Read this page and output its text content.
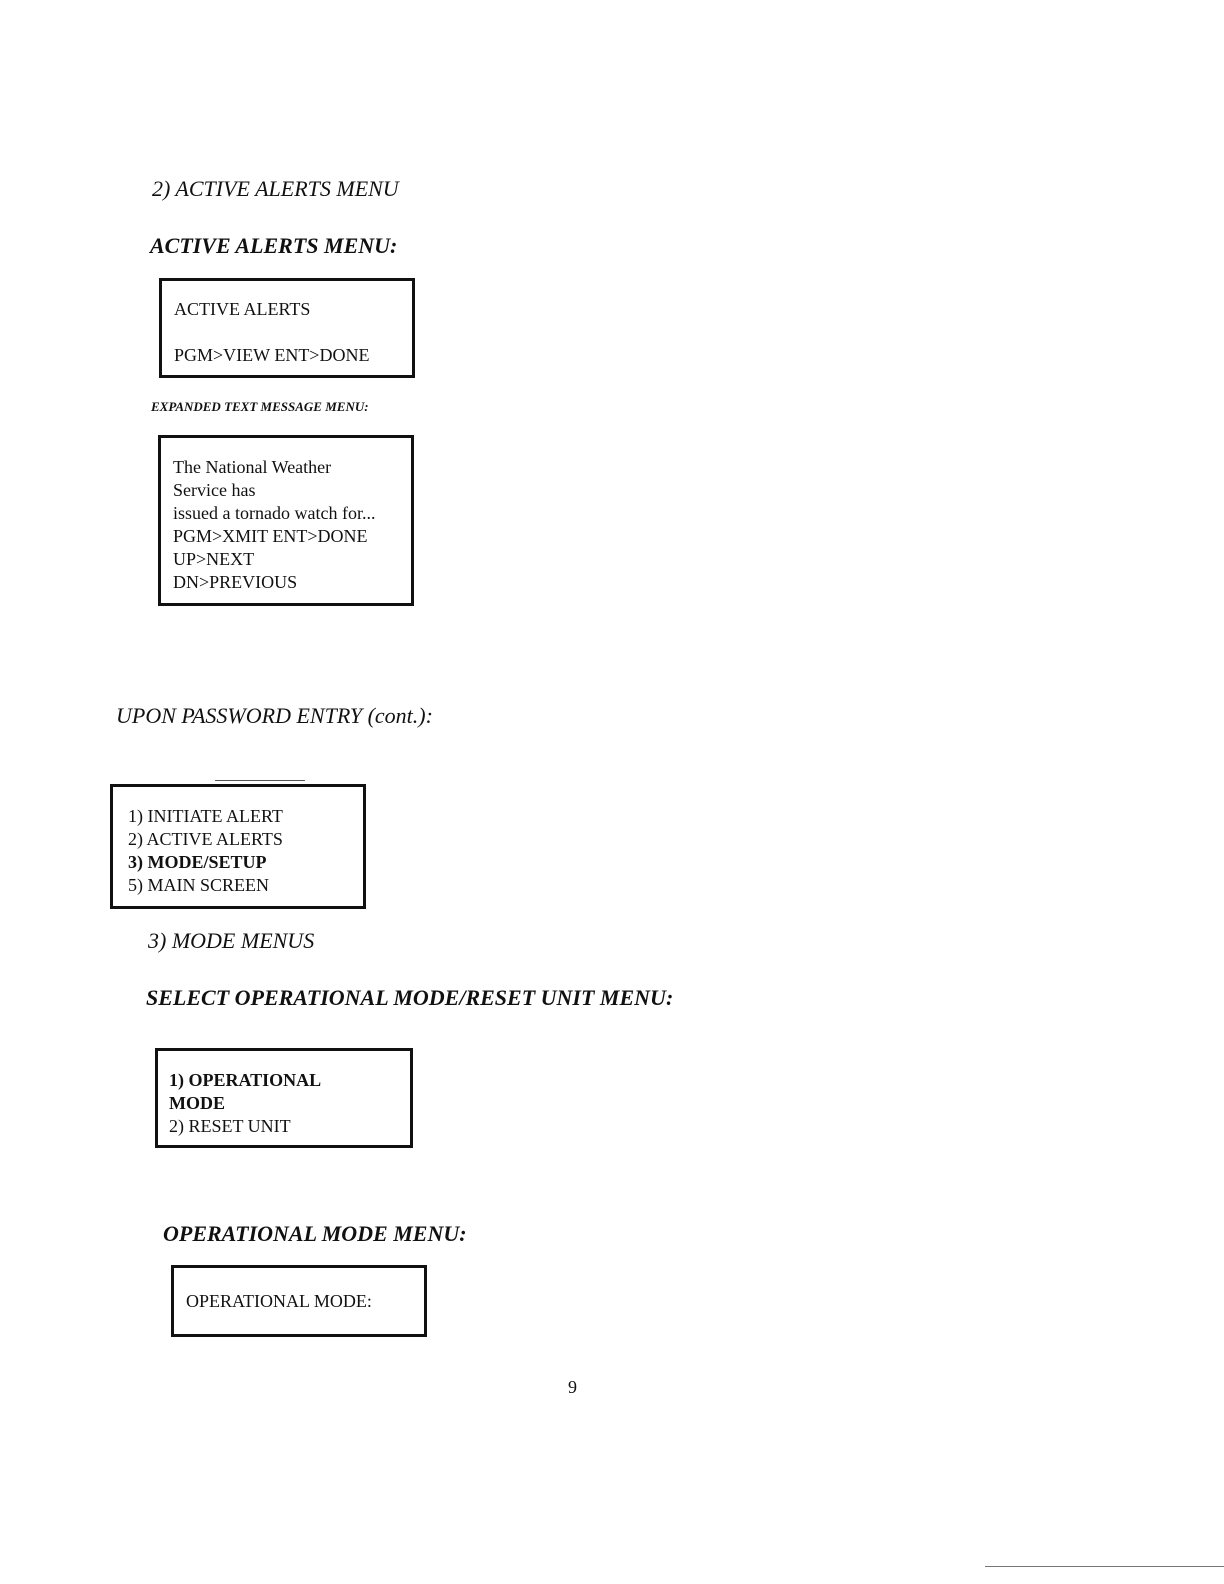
2) ACTIVE ALERTS MENU
ACTIVE ALERTS MENU:
ACTIVE ALERTS
PGM>VIEW ENT>DONE
EXPANDED TEXT MESSAGE MENU:
The National Weather
Service has
issued a tornado watch for...
PGM>XMIT ENT>DONE
UP>NEXT
DN>PREVIOUS
UPON PASSWORD ENTRY (cont.):
1) INITIATE ALERT
2) ACTIVE ALERTS
3) MODE/SETUP
5) MAIN SCREEN
3) MODE MENUS
SELECT OPERATIONAL MODE/RESET UNIT MENU:
1) OPERATIONAL
MODE
2) RESET UNIT
OPERATIONAL MODE MENU:
OPERATIONAL MODE:
9
